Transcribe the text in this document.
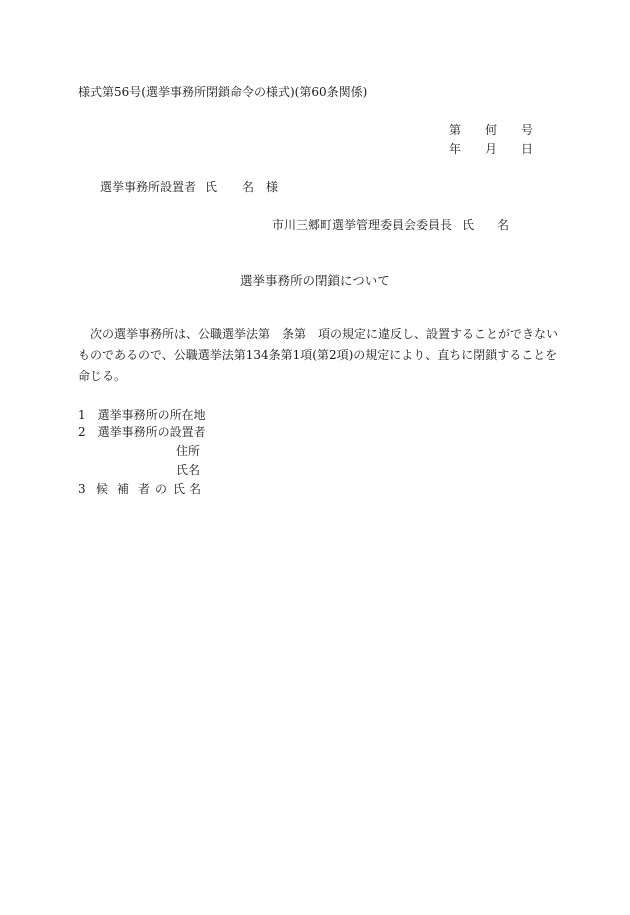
様式第56号(選挙事務所閉鎖命令の様式)(第60条関係)
第 何 号
年 月 日
選挙事務所設置者 氏 名 様
市川三郷町選挙管理委員会委員長 氏 名
選挙事務所の閉鎖について
次の選挙事務所は、公職選挙法第　条第　項の規定に違反し、設置することができないものであるので、公職選挙法第134条第1項(第2項)の規定により、直ちに閉鎖することを命じる。
1　選挙事務所の所在地
2　選挙事務所の設置者
住所
氏名
3 候 補 者 の 氏 名
